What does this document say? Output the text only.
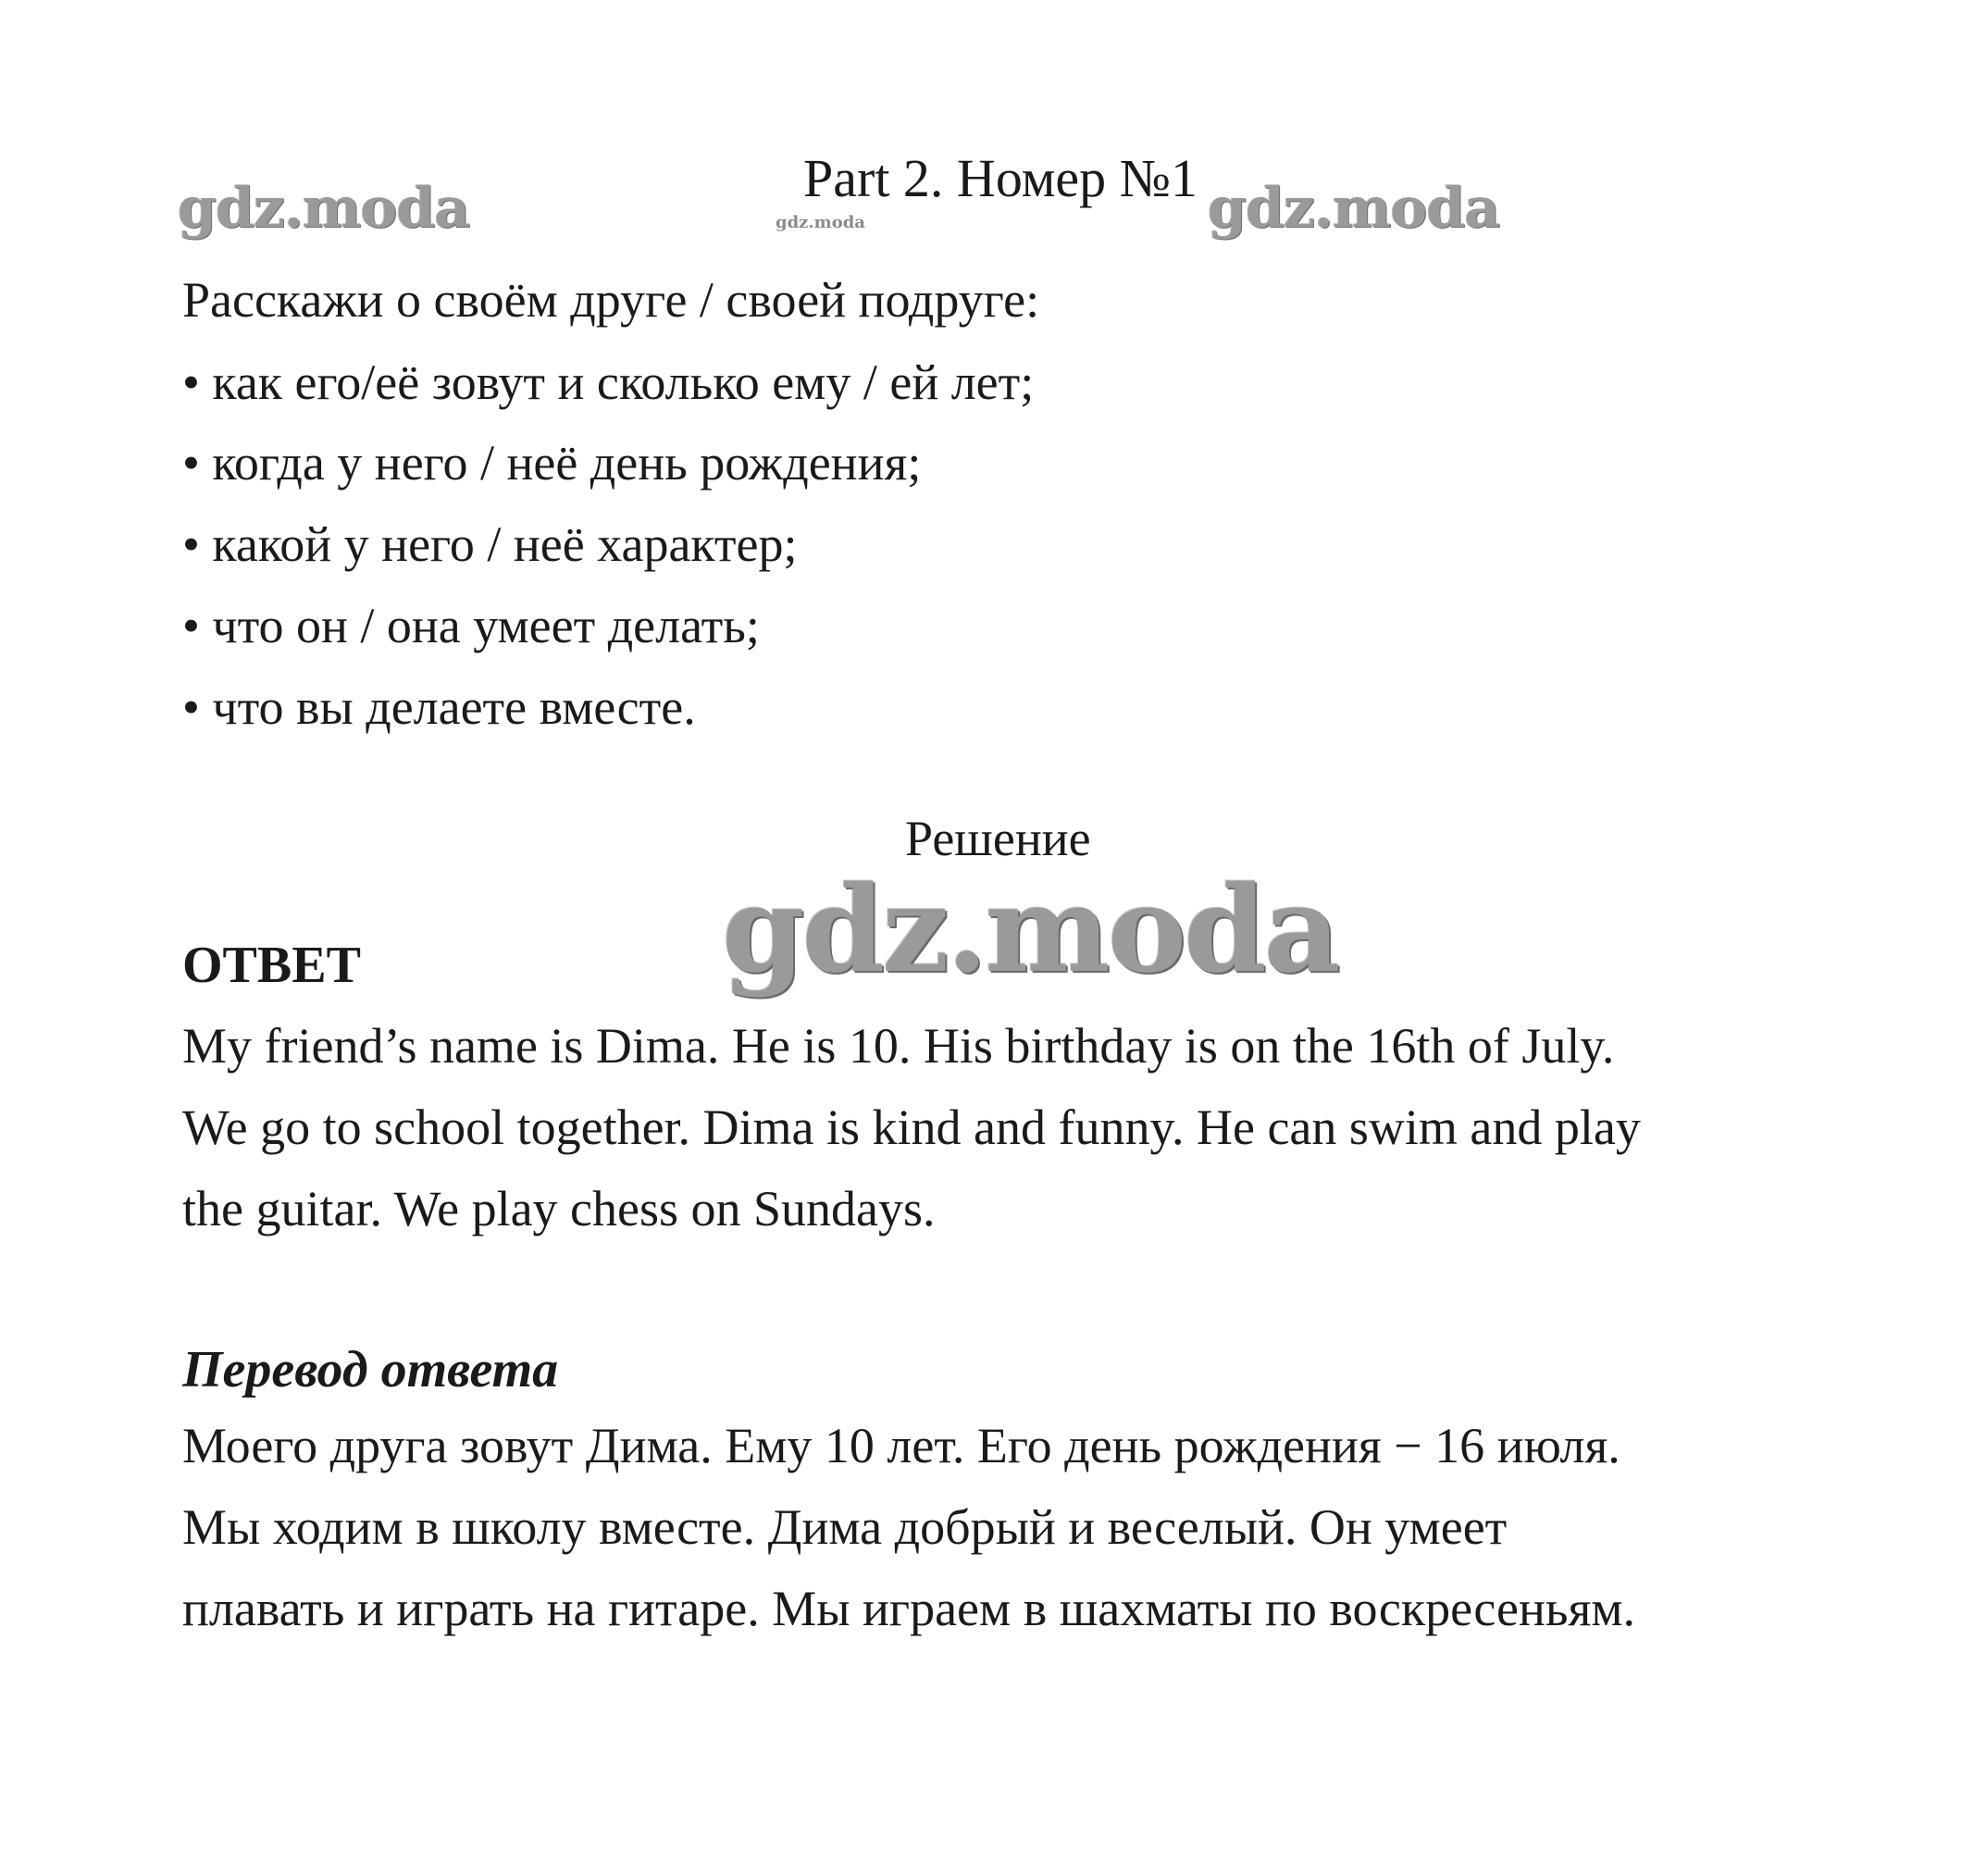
gdz.moda	gdz.moda	gdz.moda
Part 2. Номер №1
Расскажи о своём друге / своей подруге:
• как его/её зовут и сколько ему / ей лет;
• когда у него / неё день рождения;
• какой у него / неё характер;
• что он / она умеет делать;
• что вы делаете вместе.
Решение
gdz.moda
ОТВЕТ
My friend’s name is Dima. He is 10. His birthday is on the 16th of July.
We go to school together. Dima is kind and funny. He can swim and play
the guitar. We play chess on Sundays.
Перевод ответа
Моего друга зовут Дима. Ему 10 лет. Его день рождения − 16 июля.
Мы ходим в школу вместе. Дима добрый и веселый. Он умеет
плавать и играть на гитаре. Мы играем в шахматы по воскресеньям.
